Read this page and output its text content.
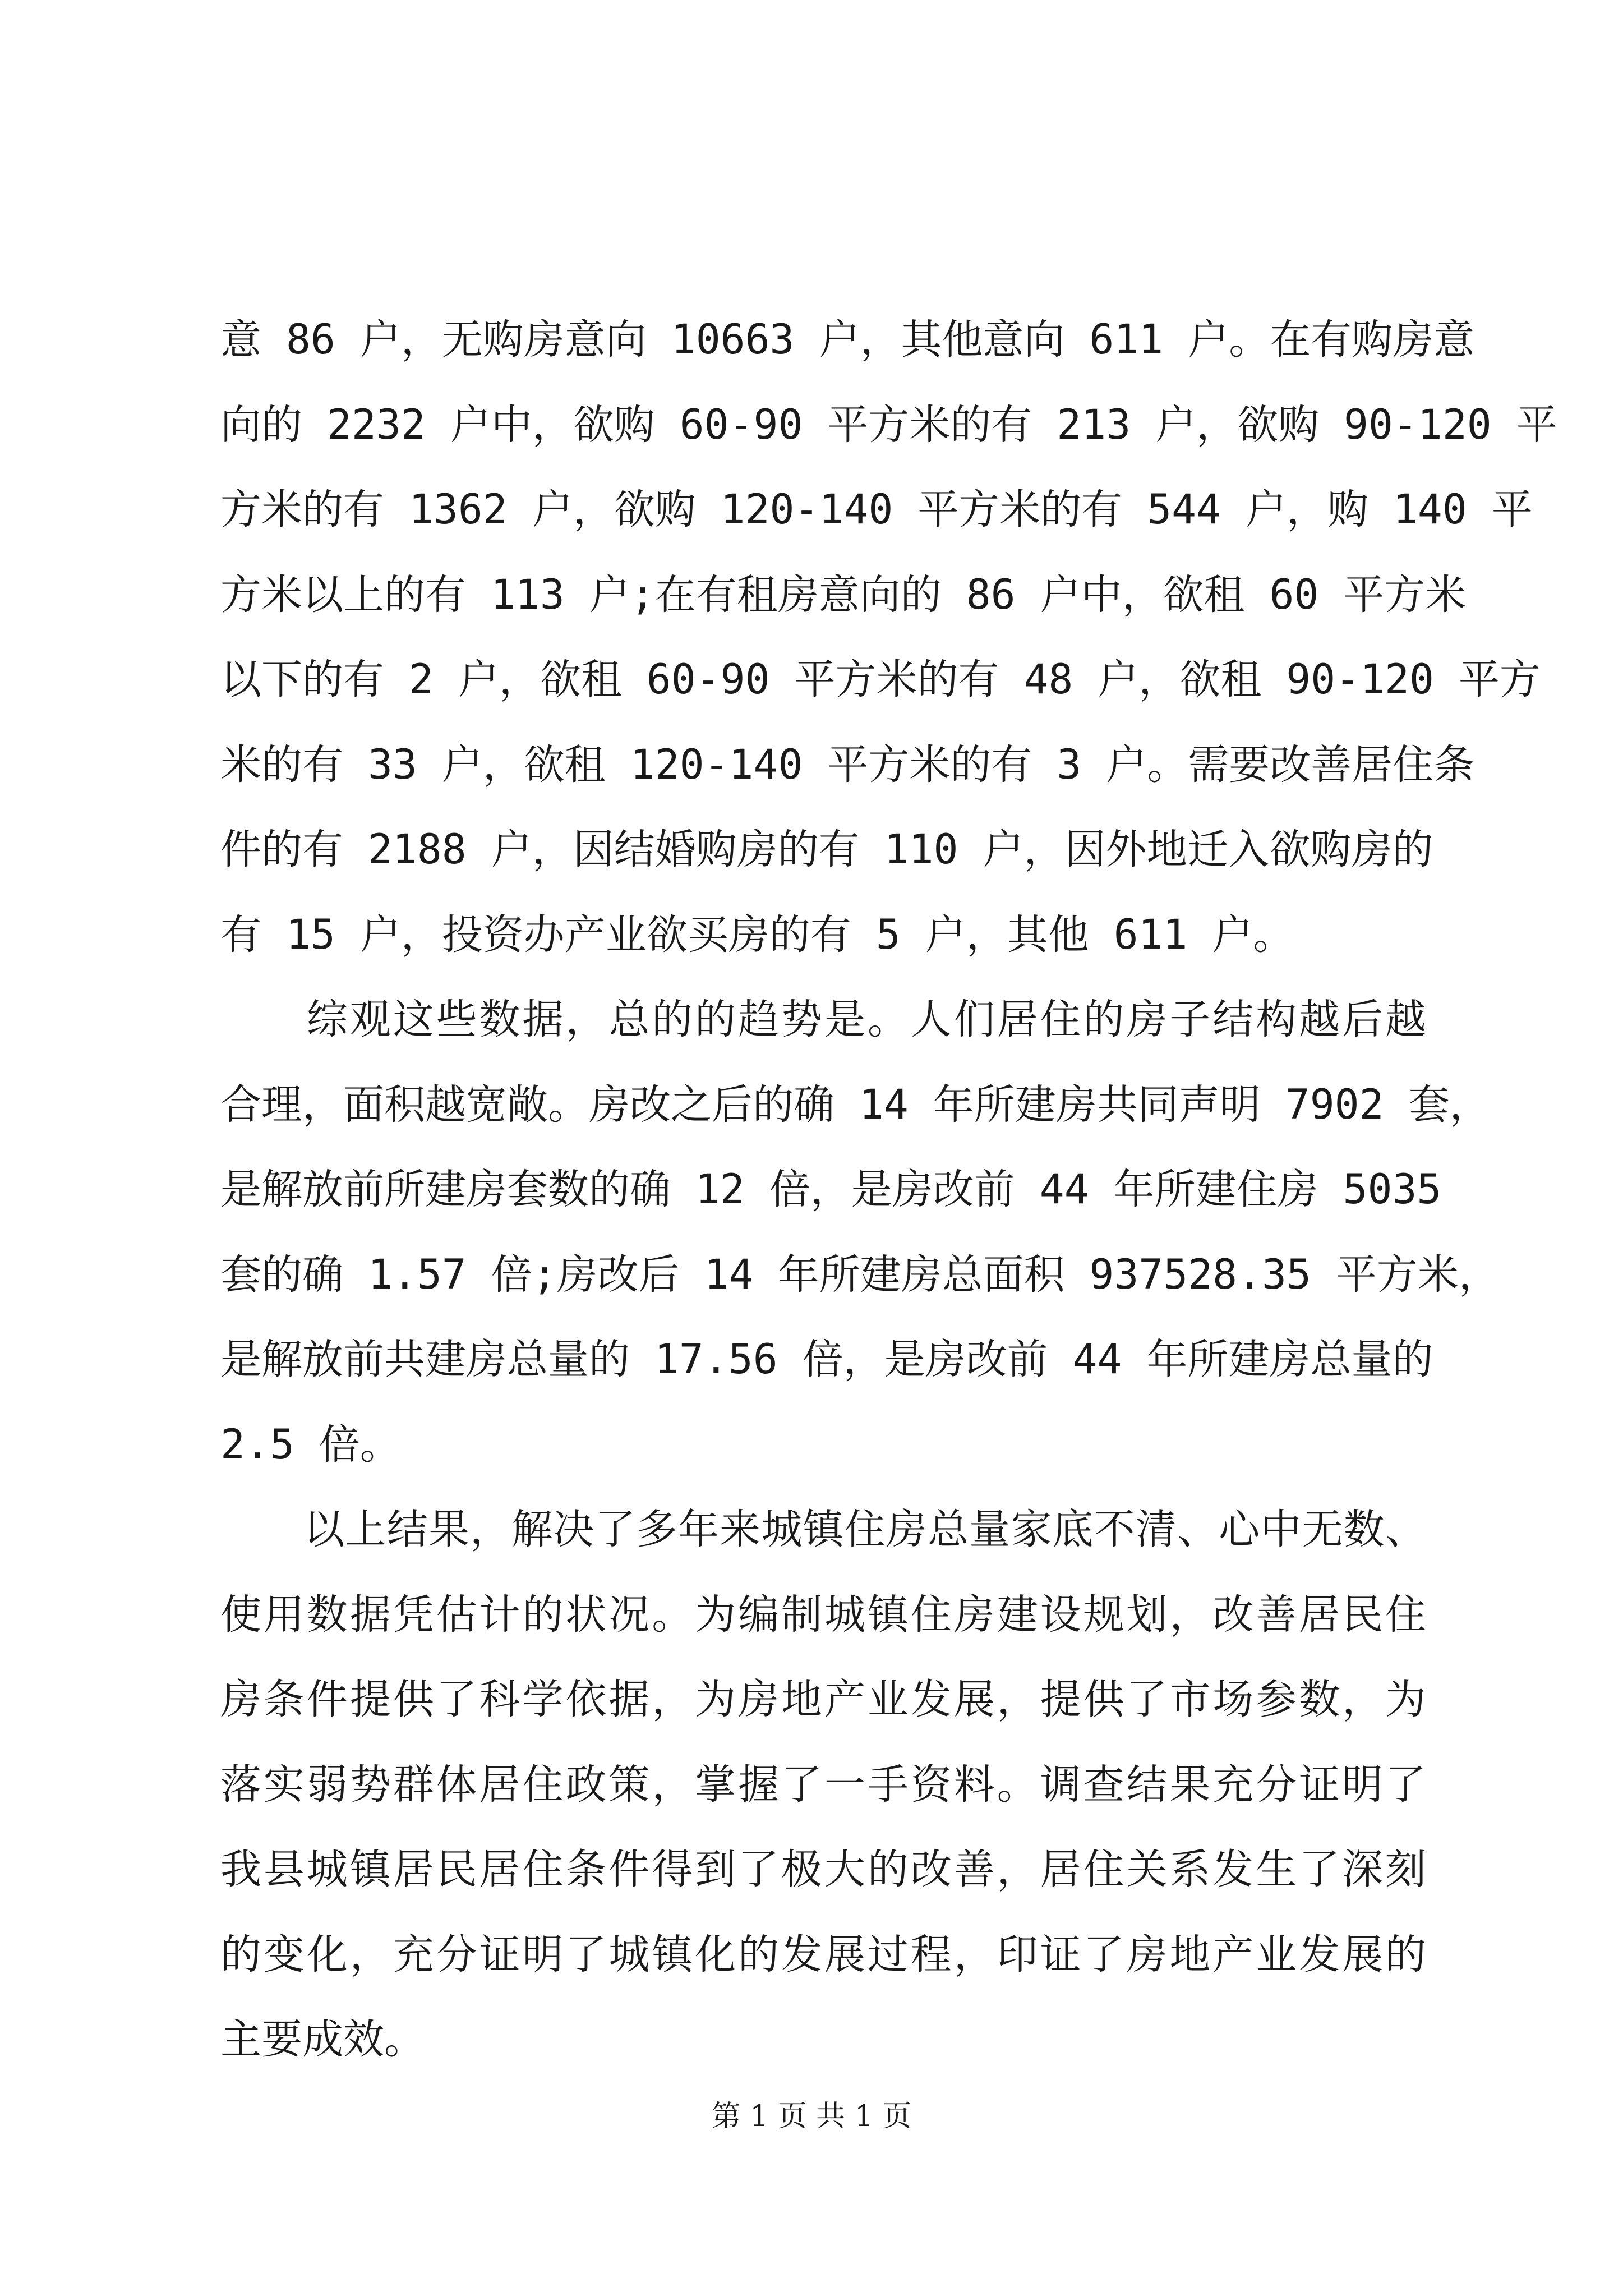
意 86 户，无购房意向 10663 户，其他意向 611 户。在有购房意
向的 2232 户中，欲购 60-90 平方米的有 213 户，欲购 90-120 平
方米的有 1362 户，欲购 120-140 平方米的有 544 户，购 140 平
方米以上的有 113 户;在有租房意向的 86 户中，欲租 60 平方米
以下的有 2 户，欲租 60-90 平方米的有 48 户，欲租 90-120 平方
米的有 33 户，欲租 120-140 平方米的有 3 户。需要改善居住条
件的有 2188 户，因结婚购房的有 110 户，因外地迁入欲购房的
有 15 户，投资办产业欲买房的有 5 户，其他 611 户。
　　综观这些数据，总的的趋势是。人们居住的房子结构越后越
合理，面积越宽敞。房改之后的确 14 年所建房共同声明 7902 套，
是解放前所建房套数的确 12 倍，是房改前 44 年所建住房 5035
套的确 1.57 倍;房改后 14 年所建房总面积 937528.35 平方米，
是解放前共建房总量的 17.56 倍，是房改前 44 年所建房总量的
2.5 倍。
　　以上结果，解决了多年来城镇住房总量家底不清、心中无数、
使用数据凭估计的状况。为编制城镇住房建设规划，改善居民住
房条件提供了科学依据，为房地产业发展，提供了市场参数，为
落实弱势群体居住政策，掌握了一手资料。调查结果充分证明了
我县城镇居民居住条件得到了极大的改善，居住关系发生了深刻
的变化，充分证明了城镇化的发展过程，印证了房地产业发展的
主要成效。
第 1 页 共 1 页
